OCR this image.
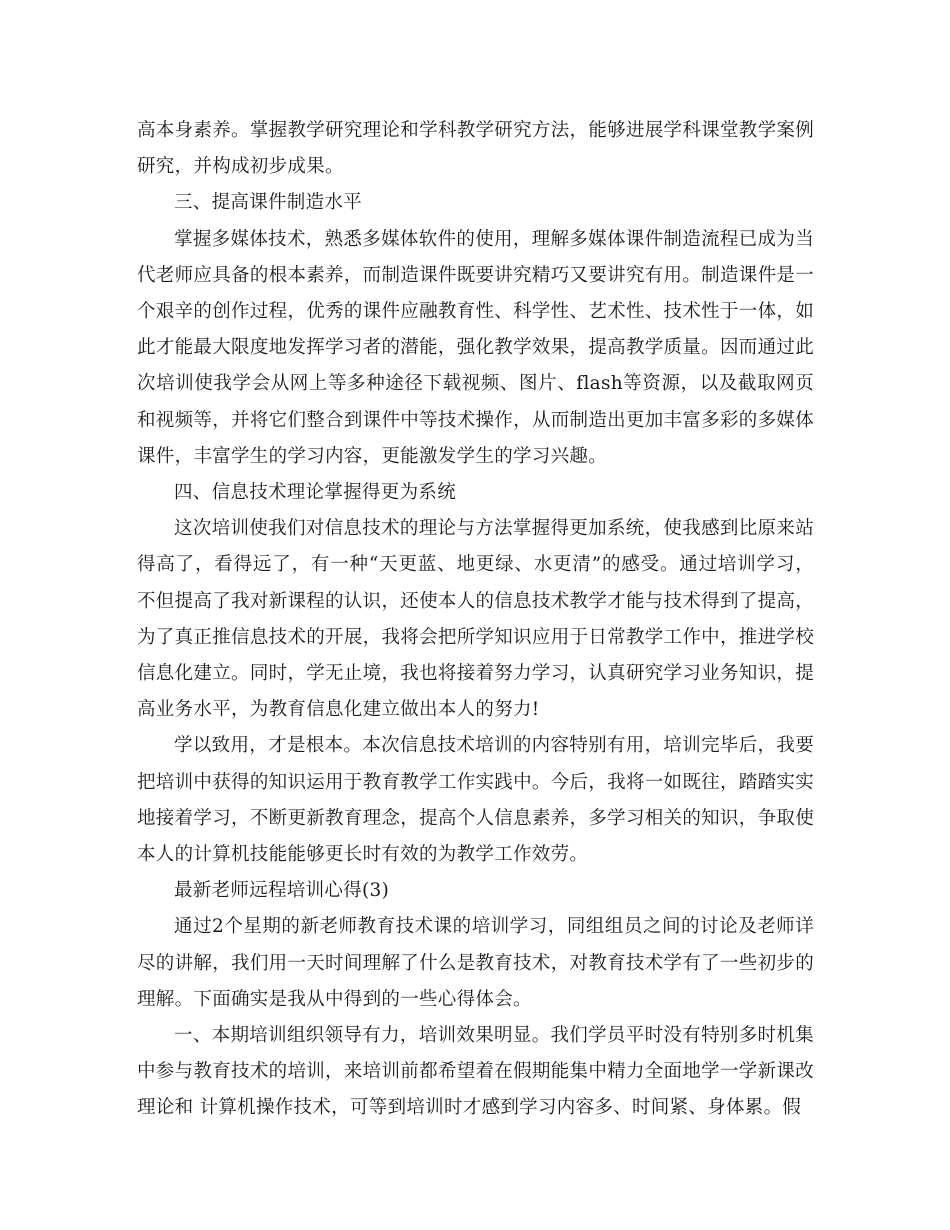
高本身素养。掌握教学研究理论和学科教学研究方法，能够进展学科课堂教学案例研究，并构成初步成果。

三、提高课件制造水平

掌握多媒体技术，熟悉多媒体软件的使用，理解多媒体课件制造流程已成为当代老师应具备的根本素养，而制造课件既要讲究精巧又要讲究有用。制造课件是一个艰辛的创作过程，优秀的课件应融教育性、科学性、艺术性、技术性于一体，如此才能最大限度地发挥学习者的潜能，强化教学效果，提高教学质量。因而通过此次培训使我学会从网上等多种途径下载视频、图片、flash等资源，以及截取网页和视频等，并将它们整合到课件中等技术操作，从而制造出更加丰富多彩的多媒体课件，丰富学生的学习内容，更能激发学生的学习兴趣。

四、信息技术理论掌握得更为系统

这次培训使我们对信息技术的理论与方法掌握得更加系统，使我感到比原来站得高了，看得远了，有一种“天更蓝、地更绿、水更清”的感受。通过培训学习，不但提高了我对新课程的认识，还使本人的信息技术教学才能与技术得到了提高，为了真正推信息技术的开展，我将会把所学知识应用于日常教学工作中，推进学校信息化建立。同时，学无止境，我也将接着努力学习，认真研究学习业务知识，提高业务水平，为教育信息化建立做出本人的努力!

学以致用，才是根本。本次信息技术培训的内容特别有用，培训完毕后，我要把培训中获得的知识运用于教育教学工作实践中。今后，我将一如既往，踏踏实实地接着学习，不断更新教育理念，提高个人信息素养，多学习相关的知识，争取使本人的计算机技能能够更长时有效的为教学工作效劳。

最新老师远程培训心得(3)

通过2个星期的新老师教育技术课的培训学习，同组组员之间的讨论及老师详尽的讲解，我们用一天时间理解了什么是教育技术，对教育技术学有了一些初步的理解。下面确实是我从中得到的一些心得体会。

一、本期培训组织领导有力，培训效果明显。我们学员平时没有特别多时机集中参与教育技术的培训，来培训前都希望着在假期能集中精力全面地学一学新课改理论和 计算机操作技术，可等到培训时才感到学习内容多、时间紧、身体累。假
